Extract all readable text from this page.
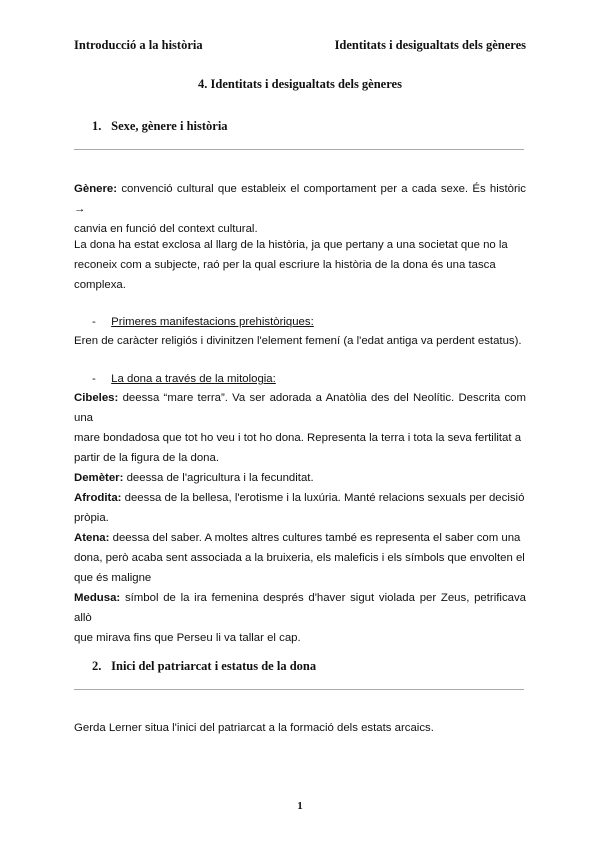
Introducció a la història	Identitats i desigualtats dels gèneres
4. Identitats i desigualtats dels gèneres
1. Sexe, gènere i història
Gènere: convenció cultural que estableix el comportament per a cada sexe. És històric →
canvia en funció del context cultural.
La dona ha estat exclosa al llarg de la història, ja que pertany a una societat que no la
reconeix com a subjecte, raó per la qual escriure la història de la dona és una tasca
complexa.
- Primeres manifestacions prehistòriques:
Eren de caràcter religiós i divinitzen l'element femení (a l'edat antiga va perdent estatus).
- La dona a través de la mitologia:
Cibeles: deessa “mare terra”. Va ser adorada a Anatòlia des del Neolític. Descrita com una
mare bondadosa que tot ho veu i tot ho dona. Representa la terra i tota la seva fertilitat a
partir de la figura de la dona.
Demèter: deessa de l'agricultura i la fecunditat.
Afrodita: deessa de la bellesa, l'erotisme i la luxúria. Manté relacions sexuals per decisió
pròpia.
Atena: deessa del saber. A moltes altres cultures també es representa el saber com una
dona, però acaba sent associada a la bruixeria, els maleficis i els símbols que envolten el
que és maligne
Medusa: símbol de la ira femenina després d'haver sigut violada per Zeus, petrificava allò
que mirava fins que Perseu li va tallar el cap.
2. Inici del patriarcat i estatus de la dona
Gerda Lerner situa l'inici del patriarcat a la formació dels estats arcaics.
1
